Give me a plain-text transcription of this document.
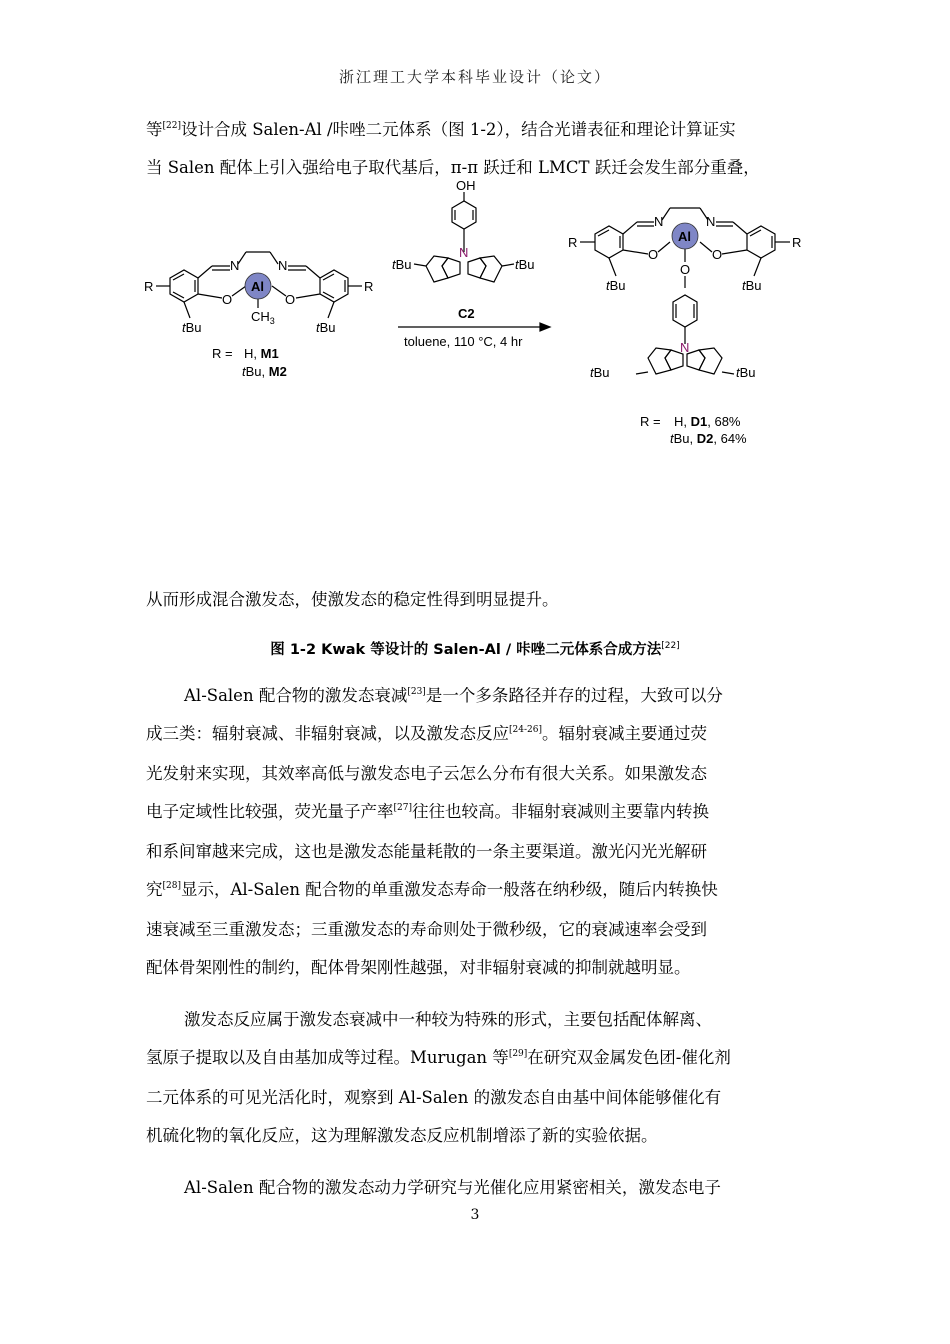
浙江理工大学本科毕业设计（论文）
等[22]设计合成 Salen-Al /咔唑二元体系（图 1-2），结合光谱表征和理论计算证实
当 Salen 配体上引入强给电子取代基后，π-π 跃迁和 LMCT 跃迁会发生部分重叠，
Al
N	N
O	O
R	R
$CH_3$
tBu	tBu
R = H, M1
tBu, M2
OH
N
tBu	tBu
C2
toluene, 110 °C, 4 hr
Al
N	N
O	O
O
R	R
tBu	tBu
N
tBu	tBu
R = H, D1, 68%
tBu, D2, 64%
从而形成混合激发态，使激发态的稳定性得到明显提升。
图 1-2 Kwak 等设计的 Salen-Al / 咔唑二元体系合成方法[22]
Al-Salen 配合物的激发态衰减[23]是一个多条路径并存的过程，大致可以分
成三类：辐射衰减、非辐射衰减，以及激发态反应[24-26]。辐射衰减主要通过荧
光发射来实现，其效率高低与激发态电子云怎么分布有很大关系。如果激发态
电子定域性比较强，荧光量子产率[27]往往也较高。非辐射衰减则主要靠内转换
和系间窜越来完成，这也是激发态能量耗散的一条主要渠道。激光闪光光解研
究[28]显示，Al-Salen 配合物的单重激发态寿命一般落在纳秒级，随后内转换快
速衰减至三重激发态；三重激发态的寿命则处于微秒级，它的衰减速率会受到
配体骨架刚性的制约，配体骨架刚性越强，对非辐射衰减的抑制就越明显。
激发态反应属于激发态衰减中一种较为特殊的形式，主要包括配体解离、
氢原子提取以及自由基加成等过程。Murugan 等[29]在研究双金属发色团-催化剂
二元体系的可见光活化时，观察到 Al-Salen 的激发态自由基中间体能够催化有
机硫化物的氧化反应，这为理解激发态反应机制增添了新的实验依据。
Al-Salen 配合物的激发态动力学研究与光催化应用紧密相关，激发态电子
3
